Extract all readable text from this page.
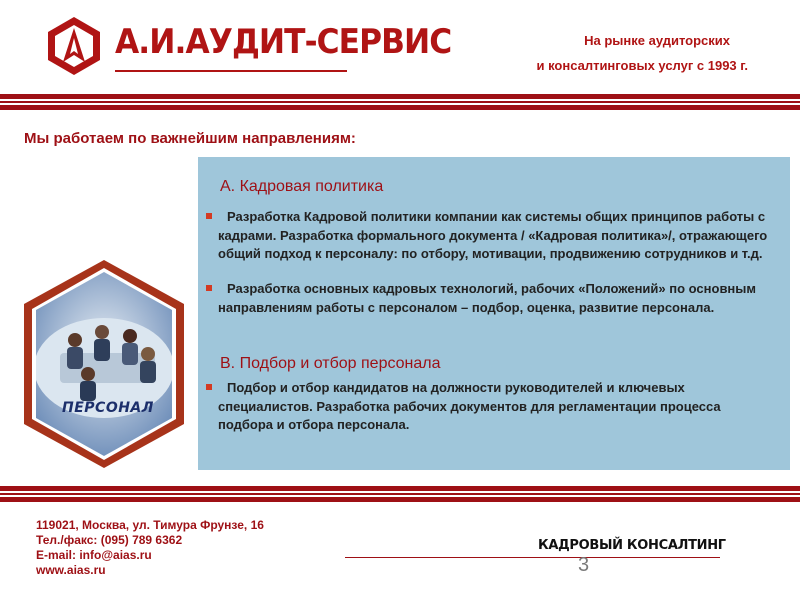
А.И.АУДИТ-СЕРВИС	На рынке аудиторских
и консалтинговых услуг с 1993 г.
Мы работаем по важнейшим направлениям:
А. Кадровая политика
Разработка Кадровой политики компании как системы общих принципов работы с кадрами. Разработка формального документа / «Кадровая политика»/, отражающего общий подход к персоналу: по отбору, мотивации, продвижению сотрудников и т.д.
Разработка основных кадровых технологий, рабочих «Положений» по основным направлениям работы с персоналом – подбор, оценка, развитие персонала.
В. Подбор и отбор персонала
Подбор и отбор кандидатов на должности руководителей и ключевых специалистов. Разработка рабочих документов для регламентации процесса подбора и отбора персонала.
ПЕРСОНАЛ
119021, Москва, ул. Тимура Фрунзе, 16
Тел./факс: (095) 789 6362
E-mail: info@aias.ru
www.aias.ru
КАДРОВЫЙ КОНСАЛТИНГ
3
